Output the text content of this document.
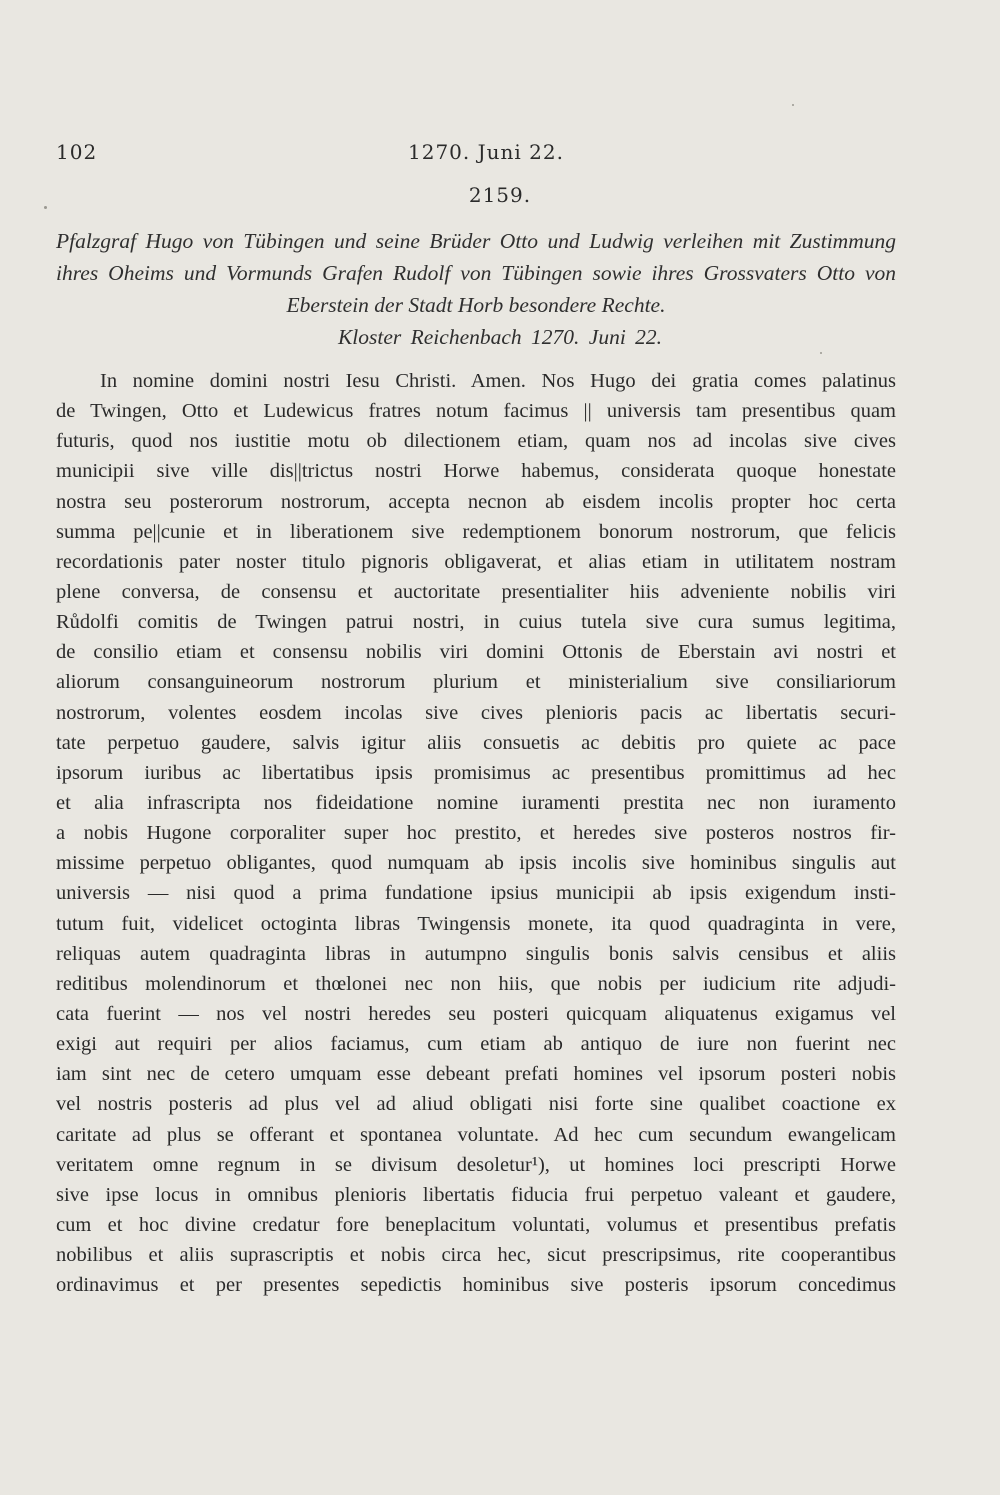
102	1270. Juni 22.
2159.
Pfalzgraf Hugo von Tübingen und seine Brüder Otto und Ludwig verleihen mit Zustimmung
ihres Oheims und Vormunds Grafen Rudolf von Tübingen sowie ihres Grossvaters Otto von
Eberstein der Stadt Horb besondere Rechte.
Kloster Reichenbach 1270. Juni 22.
In nomine domini nostri Iesu Christi. Amen. Nos Hugo dei gratia comes palatinus
de Twingen, Otto et Ludewicus fratres notum facimus || universis tam presentibus quam
futuris, quod nos iustitie motu ob dilectionem etiam, quam nos ad incolas sive cives
municipii sive ville dis||trictus nostri Horwe habemus, considerata quoque honestate
nostra seu posterorum nostrorum, accepta necnon ab eisdem incolis propter hoc certa
summa pe||cunie et in liberationem sive redemptionem bonorum nostrorum, que felicis
recordationis pater noster titulo pignoris obligaverat, et alias etiam in utilitatem nostram
plene conversa, de consensu et auctoritate presentialiter hiis adveniente nobilis viri
Růdolfi comitis de Twingen patrui nostri, in cuius tutela sive cura sumus legitima,
de consilio etiam et consensu nobilis viri domini Ottonis de Eberstain avi nostri et
aliorum consanguineorum nostrorum plurium et ministerialium sive consiliariorum
nostrorum, volentes eosdem incolas sive cives plenioris pacis ac libertatis securi-
tate perpetuo gaudere, salvis igitur aliis consuetis ac debitis pro quiete ac pace
ipsorum iuribus ac libertatibus ipsis promisimus ac presentibus promittimus ad hec
et alia infrascripta nos fideidatione nomine iuramenti prestita nec non iuramento
a nobis Hugone corporaliter super hoc prestito, et heredes sive posteros nostros fir-
missime perpetuo obligantes, quod numquam ab ipsis incolis sive hominibus singulis aut
universis — nisi quod a prima fundatione ipsius municipii ab ipsis exigendum insti-
tutum fuit, videlicet octoginta libras Twingensis monete, ita quod quadraginta in vere,
reliquas autem quadraginta libras in autumpno singulis bonis salvis censibus et aliis
reditibus molendinorum et thœlonei nec non hiis, que nobis per iudicium rite adjudi-
cata fuerint — nos vel nostri heredes seu posteri quicquam aliquatenus exigamus vel
exigi aut requiri per alios faciamus, cum etiam ab antiquo de iure non fuerint nec
iam sint nec de cetero umquam esse debeant prefati homines vel ipsorum posteri nobis
vel nostris posteris ad plus vel ad aliud obligati nisi forte sine qualibet coactione ex
caritate ad plus se offerant et spontanea voluntate. Ad hec cum secundum ewangelicam
veritatem omne regnum in se divisum desoletur¹), ut homines loci prescripti Horwe
sive ipse locus in omnibus plenioris libertatis fiducia frui perpetuo valeant et gaudere,
cum et hoc divine credatur fore beneplacitum voluntati, volumus et presentibus prefatis
nobilibus et aliis suprascriptis et nobis circa hec, sicut prescripsimus, rite cooperantibus
ordinavimus et per presentes sepedictis hominibus sive posteris ipsorum concedimus
